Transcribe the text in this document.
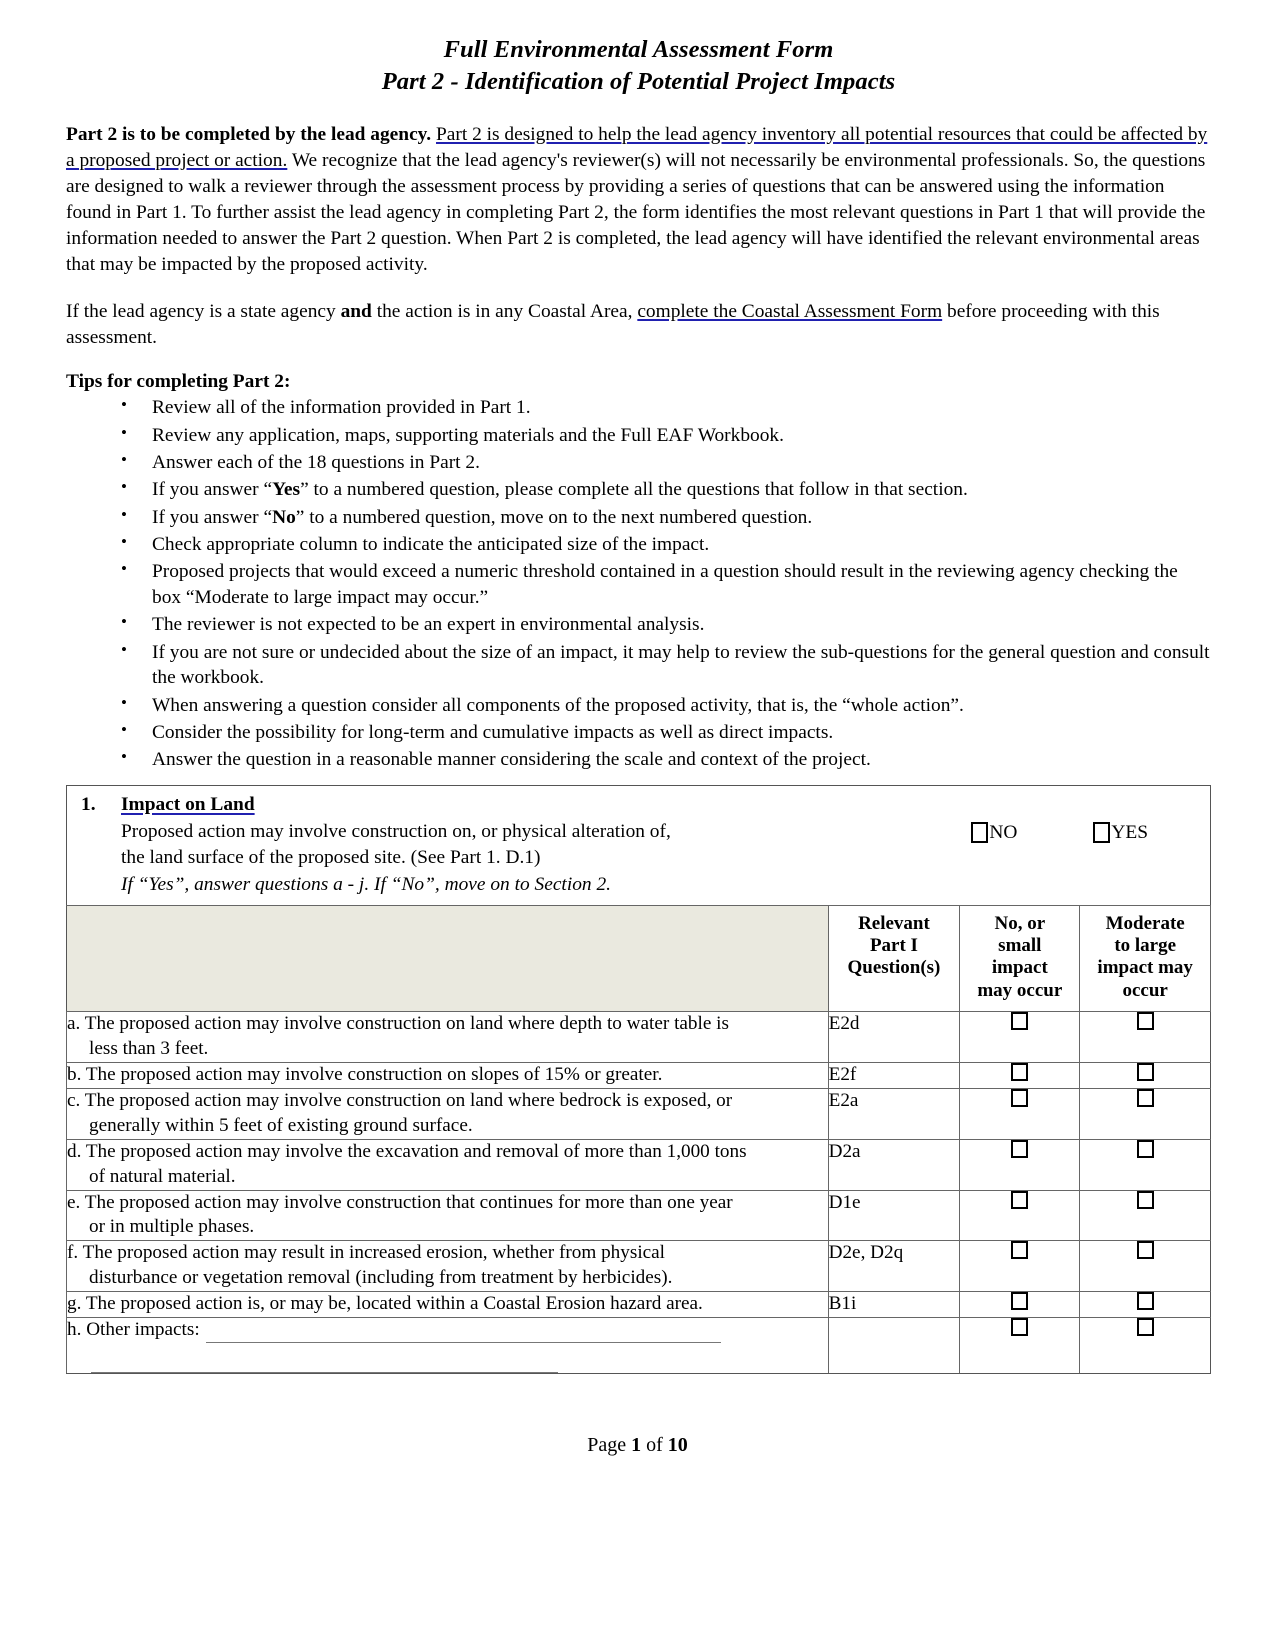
Full Environmental Assessment Form
Part 2 - Identification of Potential Project Impacts

Part 2 is to be completed by the lead agency. Part 2 is designed to help the lead agency inventory all potential resources that could be affected by a proposed project or action. We recognize that the lead agency's reviewer(s) will not necessarily be environmental professionals. So, the questions are designed to walk a reviewer through the assessment process by providing a series of questions that can be answered using the information found in Part 1. To further assist the lead agency in completing Part 2, the form identifies the most relevant questions in Part 1 that will provide the information needed to answer the Part 2 question. When Part 2 is completed, the lead agency will have identified the relevant environmental areas that may be impacted by the proposed activity.

If the lead agency is a state agency and the action is in any Coastal Area, complete the Coastal Assessment Form before proceeding with this assessment.

Tips for completing Part 2:
• Review all of the information provided in Part 1.
• Review any application, maps, supporting materials and the Full EAF Workbook.
• Answer each of the 18 questions in Part 2.
• If you answer “Yes” to a numbered question, please complete all the questions that follow in that section.
• If you answer “No” to a numbered question, move on to the next numbered question.
• Check appropriate column to indicate the anticipated size of the impact.
• Proposed projects that would exceed a numeric threshold contained in a question should result in the reviewing agency checking the box “Moderate to large impact may occur.”
• The reviewer is not expected to be an expert in environmental analysis.
• If you are not sure or undecided about the size of an impact, it may help to review the sub-questions for the general question and consult the workbook.
• When answering a question consider all components of the proposed activity, that is, the “whole action”.
• Consider the possibility for long-term and cumulative impacts as well as direct impacts.
• Answer the question in a reasonable manner considering the scale and context of the project.
1.	Impact on Land
Proposed action may involve construction on, or physical alteration of,
the land surface of the proposed site. (See Part 1. D.1)
If “Yes”, answer questions a - j. If “No”, move on to Section 2.
NO	YES
	Relevant
Part I
Question(s)	No, or
small
impact
may occur	Moderate
to large
impact may
occur
a. The proposed action may involve construction on land where depth to water table is
less than 3 feet.	E2d		
b. The proposed action may involve construction on slopes of 15% or greater.	E2f		
c. The proposed action may involve construction on land where bedrock is exposed, or
generally within 5 feet of existing ground surface.	E2a		
d. The proposed action may involve the excavation and removal of more than 1,000 tons
of natural material.	D2a		
e. The proposed action may involve construction that continues for more than one year
or in multiple phases.	D1e		
f. The proposed action may result in increased erosion, whether from physical
disturbance or vegetation removal (including from treatment by herbicides).	D2e, D2q		
g. The proposed action is, or may be, located within a Coastal Erosion hazard area.	B1i		
h. Other impacts:

Page 1 of 10
